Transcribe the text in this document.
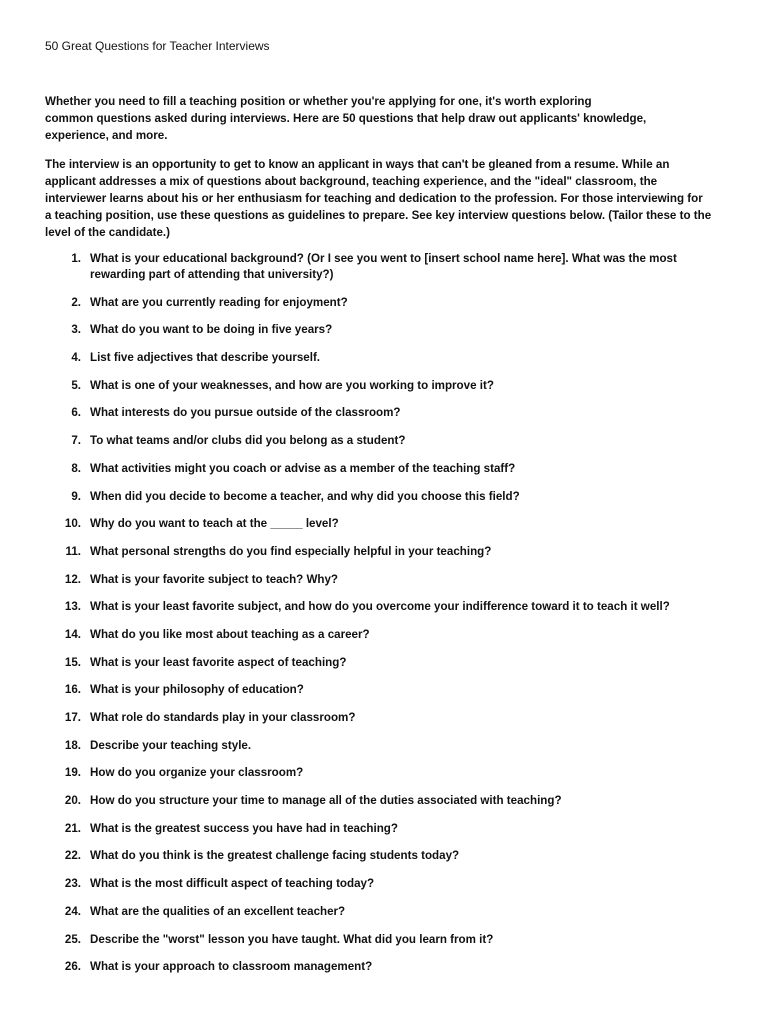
50 Great Questions for Teacher Interviews
Whether you need to fill a teaching position or whether you're applying for one, it's worth exploring
common questions asked during interviews. Here are 50 questions that help draw out applicants' knowledge,
experience, and more.
The interview is an opportunity to get to know an applicant in ways that can't be gleaned from a resume. While an
applicant addresses a mix of questions about background, teaching experience, and the "ideal" classroom, the
interviewer learns about his or her enthusiasm for teaching and dedication to the profession. For those interviewing for
a teaching position, use these questions as guidelines to prepare. See key interview questions below. (Tailor these to the
level of the candidate.)
1. What is your educational background? (Or I see you went to [insert school name here]. What was the most
rewarding part of attending that university?)
2. What are you currently reading for enjoyment?
3. What do you want to be doing in five years?
4. List five adjectives that describe yourself.
5. What is one of your weaknesses, and how are you working to improve it?
6. What interests do you pursue outside of the classroom?
7. To what teams and/or clubs did you belong as a student?
8. What activities might you coach or advise as a member of the teaching staff?
9. When did you decide to become a teacher, and why did you choose this field?
10. Why do you want to teach at the _____ level?
11. What personal strengths do you find especially helpful in your teaching?
12. What is your favorite subject to teach? Why?
13. What is your least favorite subject, and how do you overcome your indifference toward it to teach it well?
14. What do you like most about teaching as a career?
15. What is your least favorite aspect of teaching?
16. What is your philosophy of education?
17. What role do standards play in your classroom?
18. Describe your teaching style.
19. How do you organize your classroom?
20. How do you structure your time to manage all of the duties associated with teaching?
21. What is the greatest success you have had in teaching?
22. What do you think is the greatest challenge facing students today?
23. What is the most difficult aspect of teaching today?
24. What are the qualities of an excellent teacher?
25. Describe the "worst" lesson you have taught. What did you learn from it?
26. What is your approach to classroom management?
